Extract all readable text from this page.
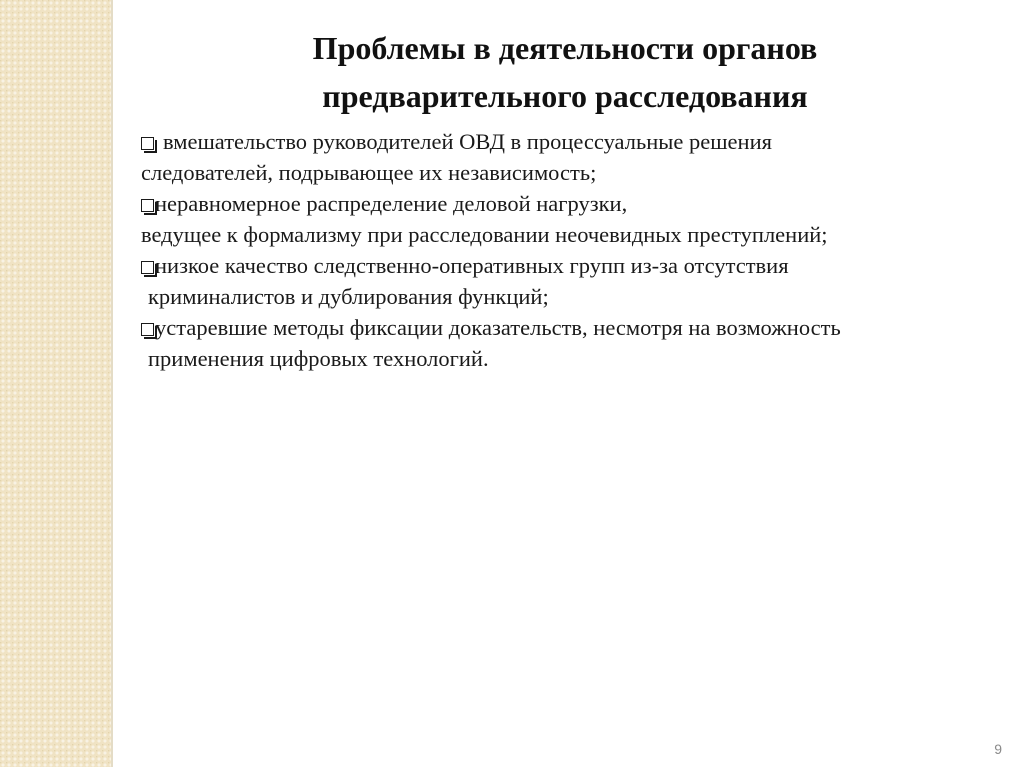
Проблемы в деятельности органов
предварительного расследования
вмешательство руководителей ОВД в процессуальные решения
следователей, подрывающее их независимость;
неравномерное распределение деловой нагрузки,
ведущее к формализму при расследовании неочевидных преступлений;
низкое качество следственно-оперативных групп из-за отсутствия
криминалистов и дублирования функций;
устаревшие методы фиксации доказательств, несмотря на возможность
применения цифровых технологий.
9
